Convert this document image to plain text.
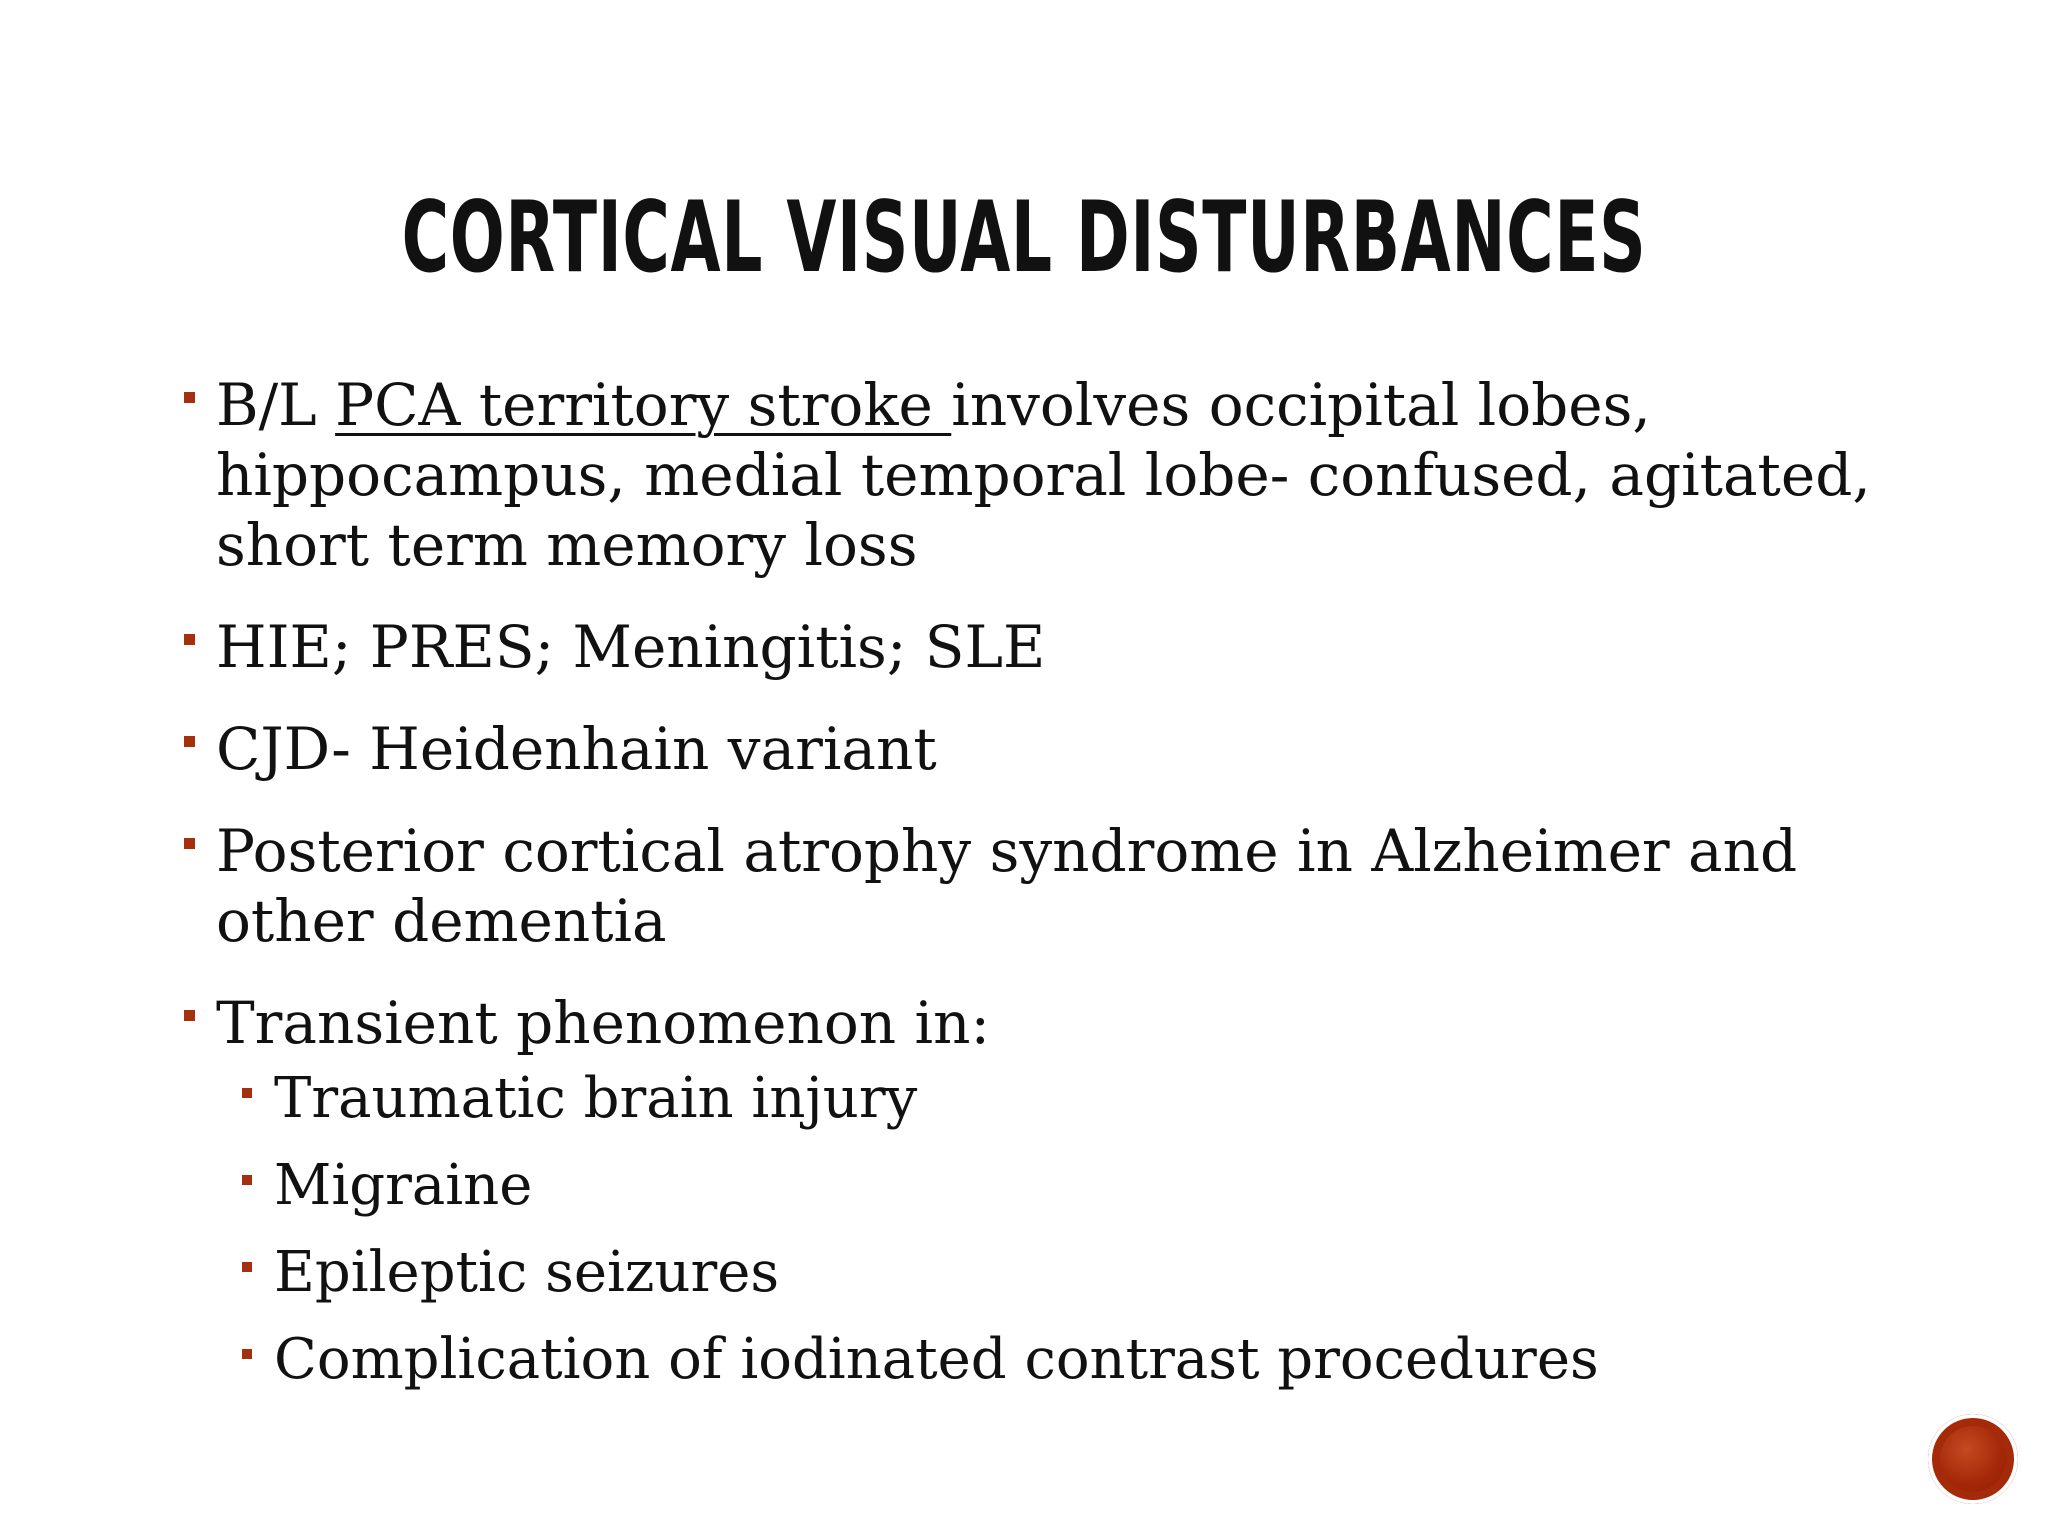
CORTICAL VISUAL DISTURBANCES
B/L PCA territory stroke involves occipital lobes, hippocampus, medial temporal lobe- confused, agitated, short term memory loss
HIE; PRES; Meningitis; SLE
CJD- Heidenhain variant
Posterior cortical atrophy syndrome in Alzheimer and other dementia
Transient phenomenon in:
Traumatic brain injury
Migraine
Epileptic seizures
Complication of iodinated contrast procedures
